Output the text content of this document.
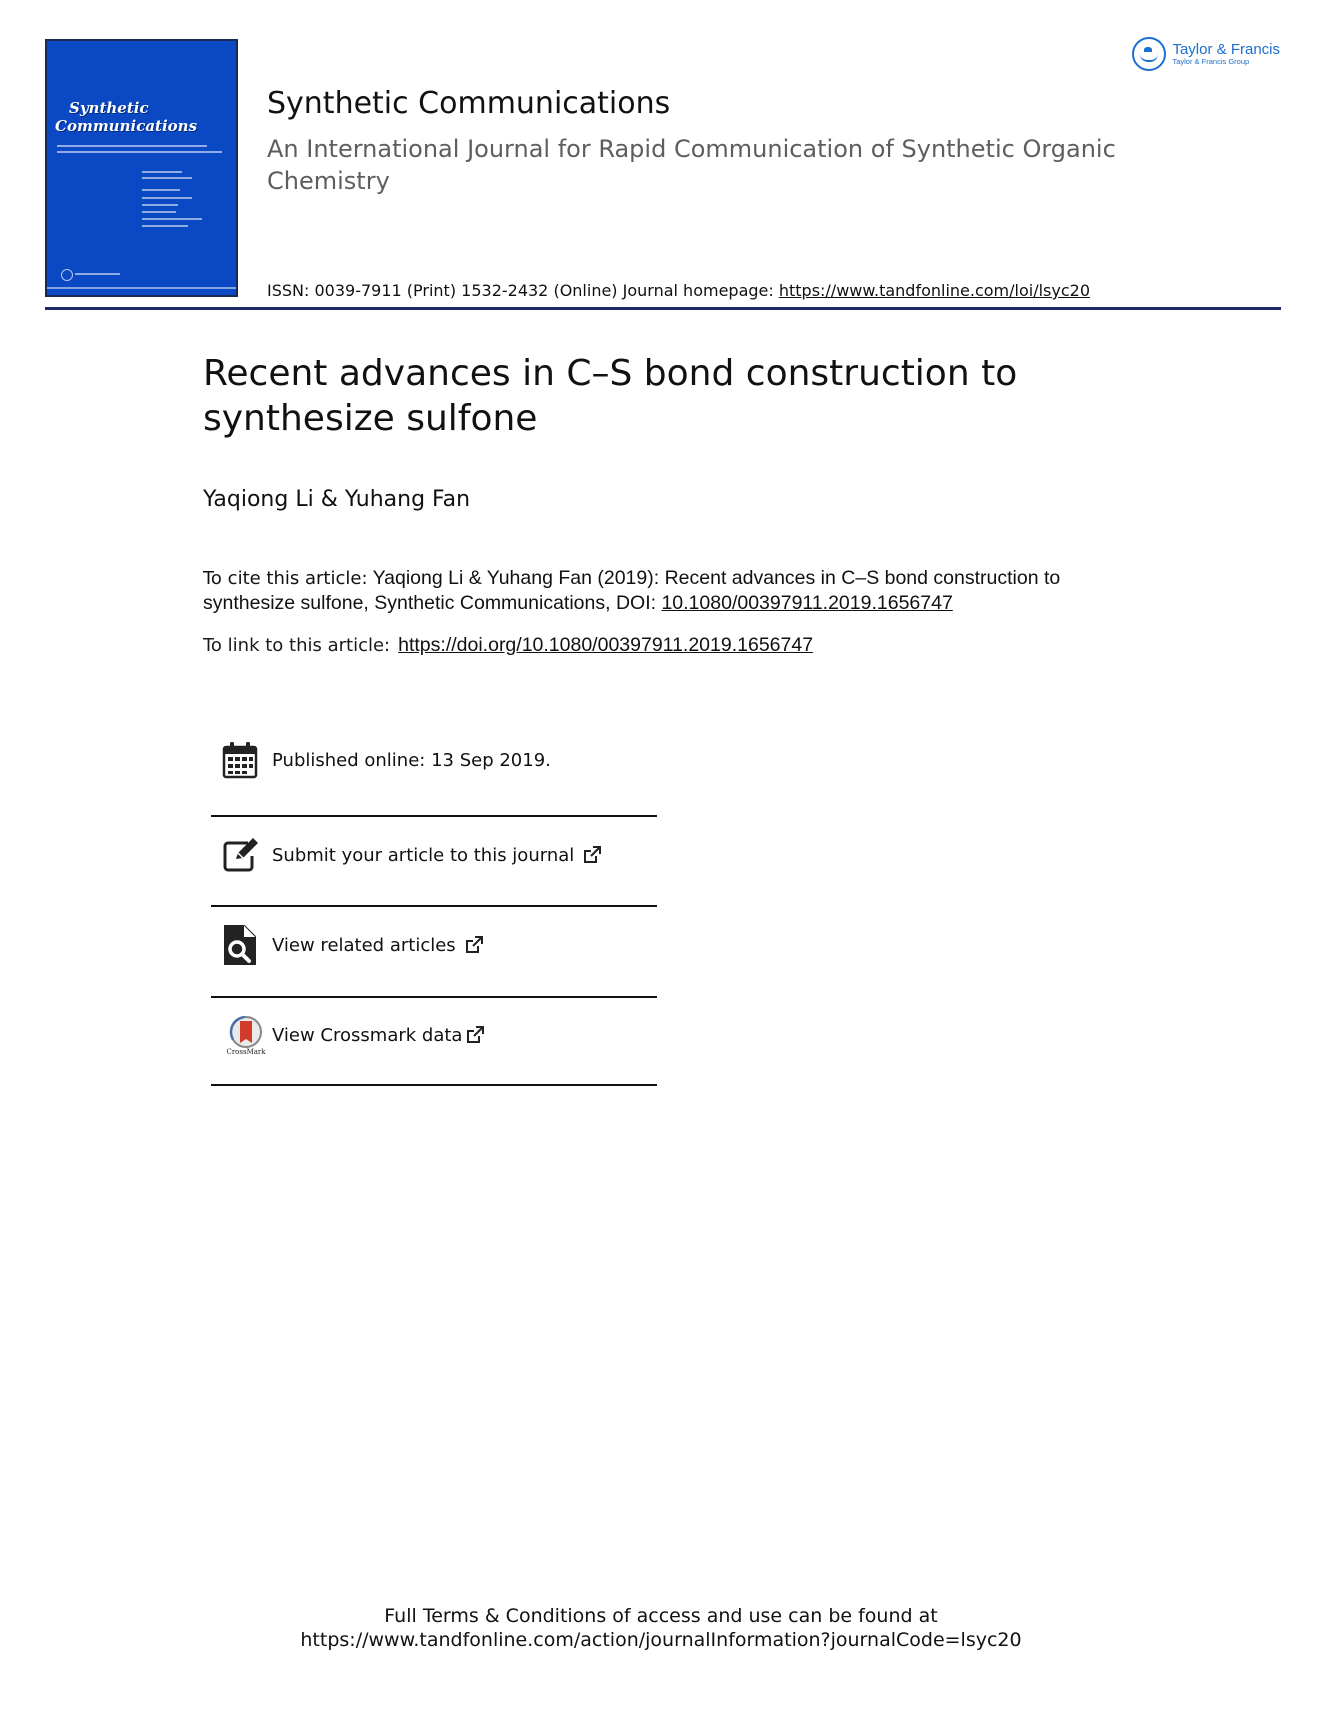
Synthetic
Communications
Taylor & Francis
Taylor & Francis Group
Synthetic Communications
An International Journal for Rapid Communication of Synthetic Organic Chemistry
ISSN: 0039-7911 (Print) 1532-2432 (Online) Journal homepage: https://www.tandfonline.com/loi/lsyc20
Recent advances in C–S bond construction to synthesize sulfone
Yaqiong Li & Yuhang Fan
To cite this article: Yaqiong Li & Yuhang Fan (2019): Recent advances in C–S bond construction to synthesize sulfone, Synthetic Communications, DOI: 10.1080/00397911.2019.1656747
To link to this article: https://doi.org/10.1080/00397911.2019.1656747
Published online: 13 Sep 2019.
Submit your article to this journal
View related articles
CrossMark
View Crossmark data
Full Terms & Conditions of access and use can be found at
https://www.tandfonline.com/action/journalInformation?journalCode=lsyc20
